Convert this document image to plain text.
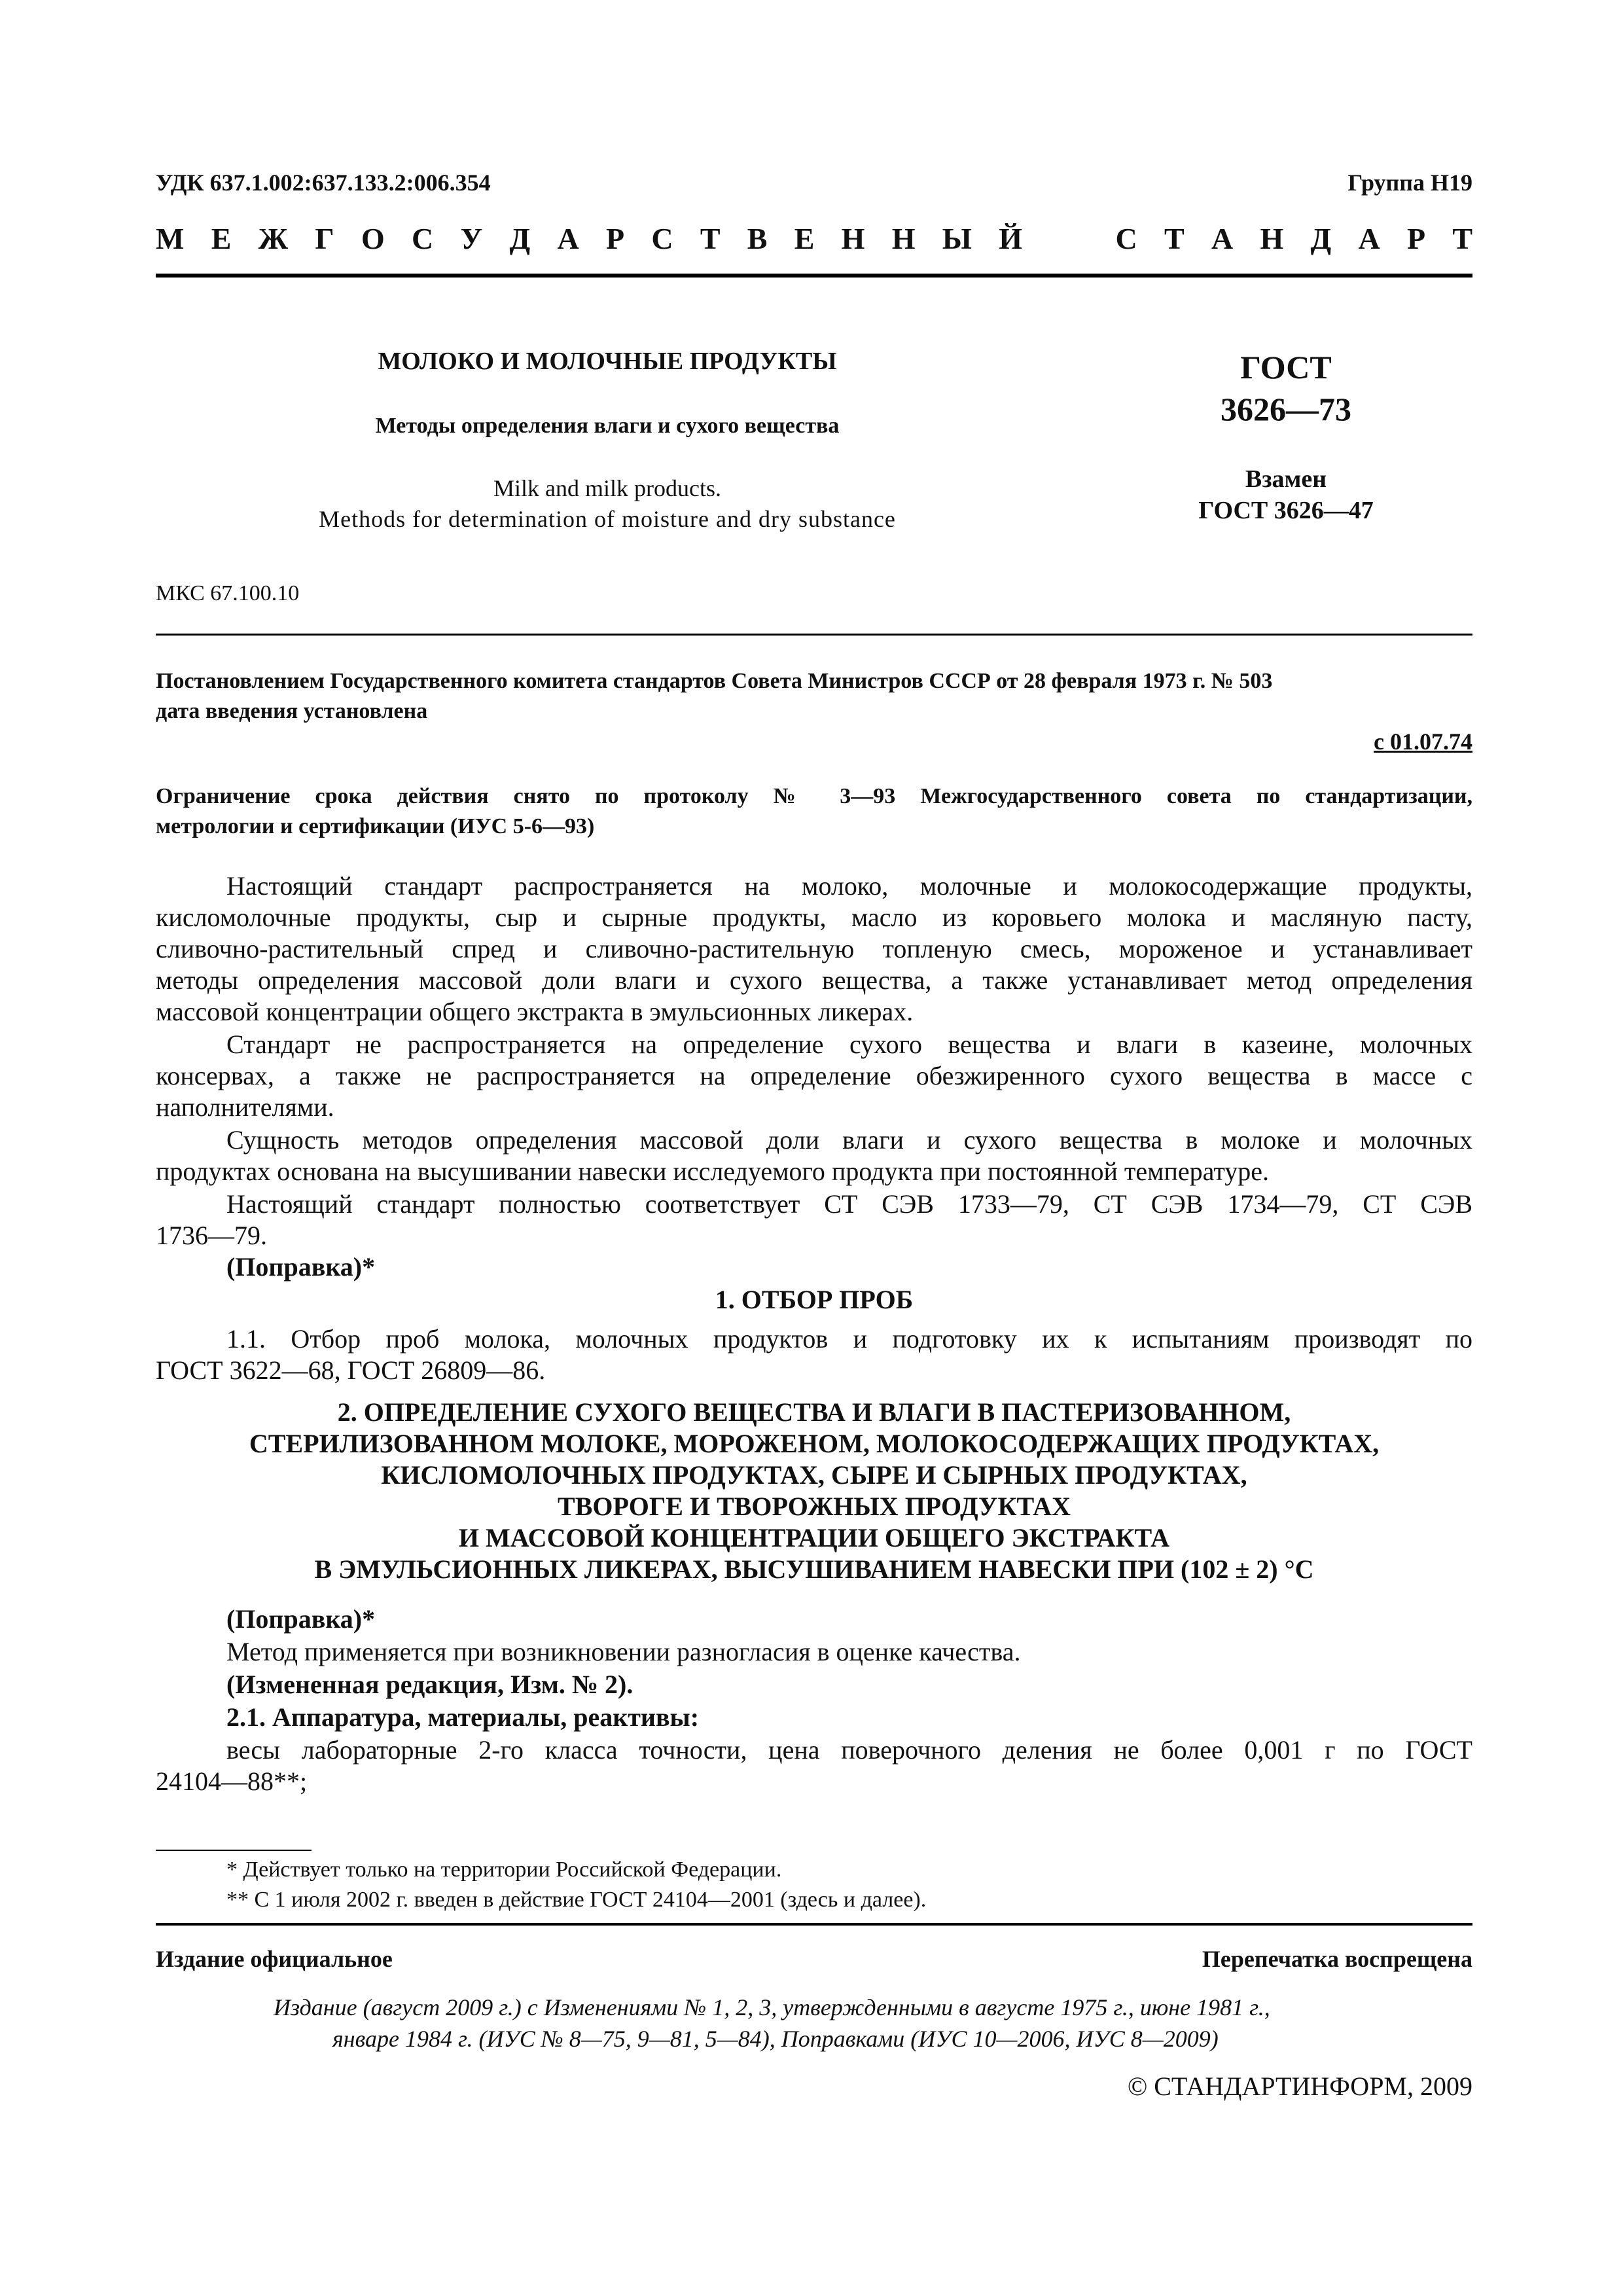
УДК 637.1.002:637.133.2:006.354	Группа Н19
М Е Ж Г О С У Д А Р С Т В Е Н Н Ы Й	С Т А Н Д А Р Т
МОЛОКО И МОЛОЧНЫЕ ПРОДУКТЫ
Методы определения влаги и сухого вещества
Milk and milk products.
Methods for determination of moisture and dry substance
ГОСТ
3626—73
Взамен
ГОСТ 3626—47
МКС 67.100.10
Постановлением Государственного комитета стандартов Совета Министров СССР от 28 февраля 1973 г. № 503
дата введения установлена
с 01.07.74
Ограничение срока действия снято по протоколу № 3—93 Межгосударственного совета по стандартизации,
метрологии и сертификации (ИУС 5-6—93)
Настоящий стандарт распространяется на молоко, молочные и молокосодержащие продукты,
кисломолочные продукты, сыр и сырные продукты, масло из коровьего молока и масляную пасту,
сливочно-растительный спред и сливочно-растительную топленую смесь, мороженое и устанавливает
методы определения массовой доли влаги и сухого вещества, а также устанавливает метод определения
массовой концентрации общего экстракта в эмульсионных ликерах.
Стандарт не распространяется на определение сухого вещества и влаги в казеине, молочных
консервах, а также не распространяется на определение обезжиренного сухого вещества в массе с
наполнителями.
Сущность методов определения массовой доли влаги и сухого вещества в молоке и молочных
продуктах основана на высушивании навески исследуемого продукта при постоянной температуре.
Настоящий стандарт полностью соответствует СТ СЭВ 1733—79, СТ СЭВ 1734—79, СТ СЭВ
1736—79.
(Поправка)*
1. ОТБОР ПРОБ
1.1. Отбор проб молока, молочных продуктов и подготовку их к испытаниям производят по
ГОСТ 3622—68, ГОСТ 26809—86.
2. ОПРЕДЕЛЕНИЕ СУХОГО ВЕЩЕСТВА И ВЛАГИ В ПАСТЕРИЗОВАННОМ,
СТЕРИЛИЗОВАННОМ МОЛОКЕ, МОРОЖЕНОМ, МОЛОКОСОДЕРЖАЩИХ ПРОДУКТАХ,
КИСЛОМОЛОЧНЫХ ПРОДУКТАХ, СЫРЕ И СЫРНЫХ ПРОДУКТАХ,
ТВОРОГЕ И ТВОРОЖНЫХ ПРОДУКТАХ
И МАССОВОЙ КОНЦЕНТРАЦИИ ОБЩЕГО ЭКСТРАКТА
В ЭМУЛЬСИОННЫХ ЛИКЕРАХ, ВЫСУШИВАНИЕМ НАВЕСКИ ПРИ (102 ± 2) °С
(Поправка)*
Метод применяется при возникновении разногласия в оценке качества.
(Измененная редакция, Изм. № 2).
2.1. Аппаратура, материалы, реактивы:
весы лабораторные 2-го класса точности, цена поверочного деления не более 0,001 г по ГОСТ
24104—88**;
* Действует только на территории Российской Федерации.
** С 1 июля 2002 г. введен в действие ГОСТ 24104—2001 (здесь и далее).
Издание официальное	Перепечатка воспрещена
Издание (август 2009 г.) с Изменениями № 1, 2, 3, утвержденными в августе 1975 г., июне 1981 г.,
январе 1984 г. (ИУС № 8—75, 9—81, 5—84), Поправками (ИУС 10—2006, ИУС 8—2009)
© СТАНДАРТИНФОРМ, 2009
